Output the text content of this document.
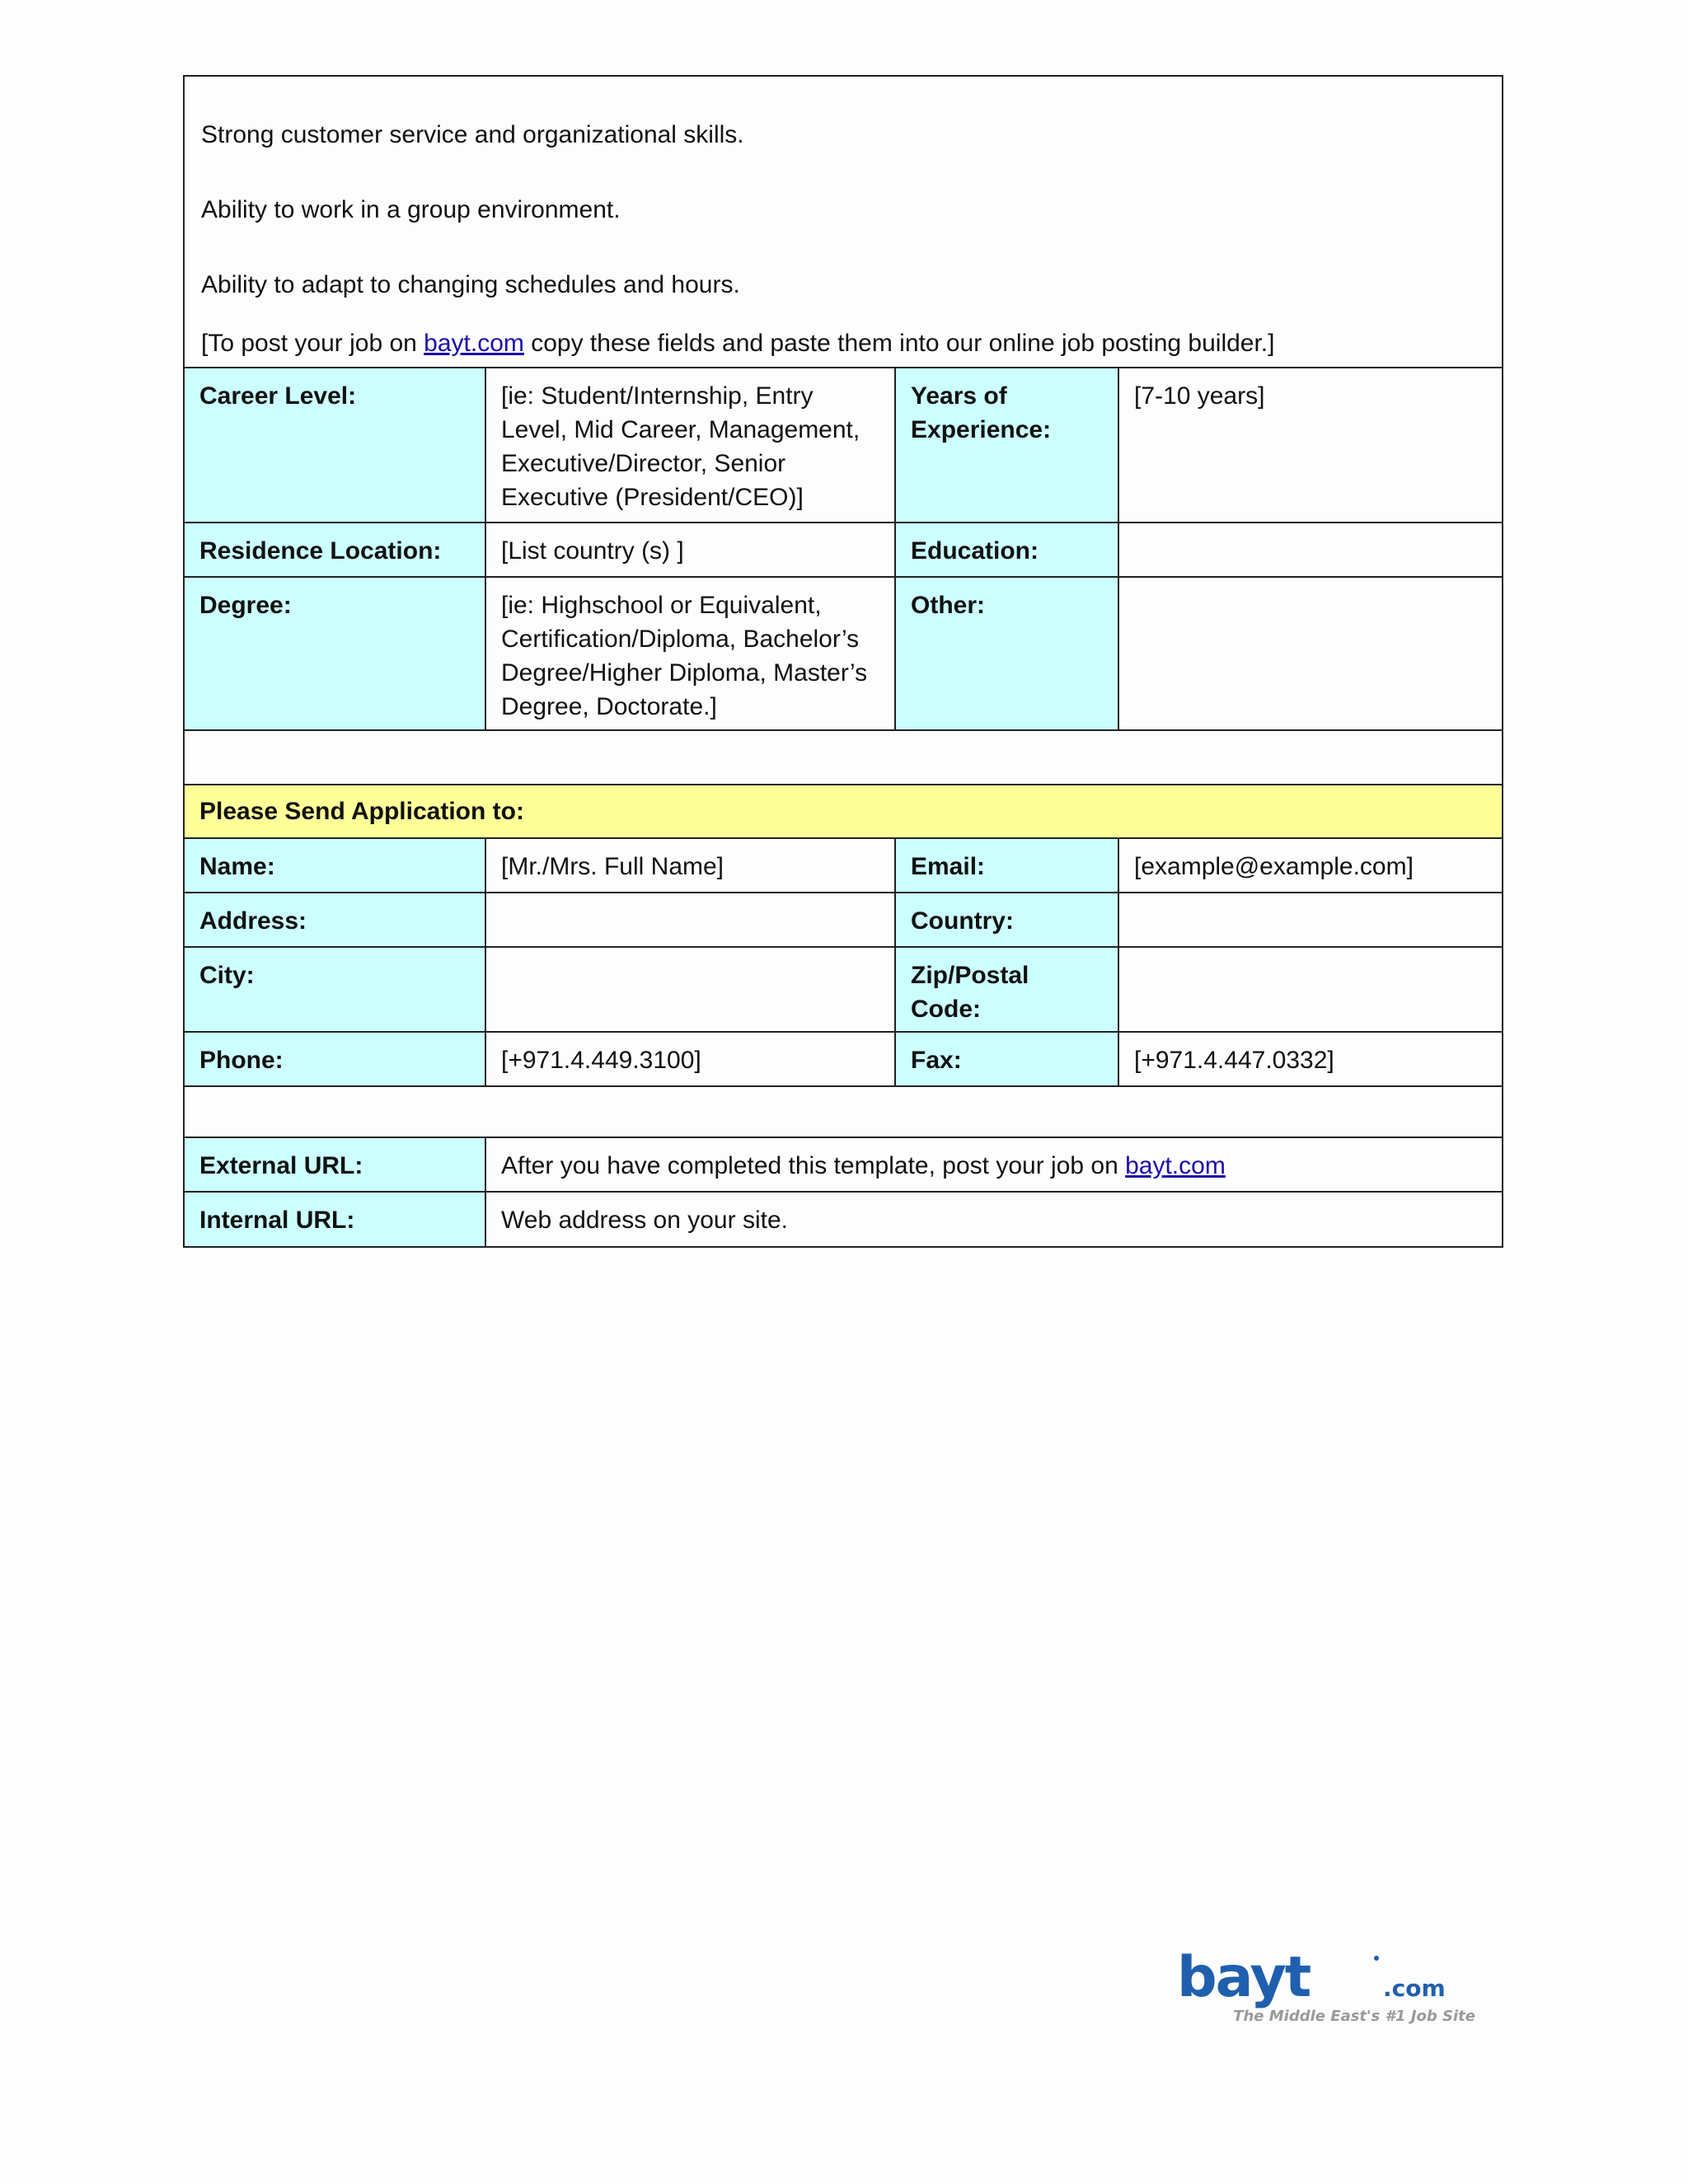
Strong customer service and organizational skills.

Ability to work in a group environment.

Ability to adapt to changing schedules and hours.

[To post your job on bayt.com copy these fields and paste them into our online job posting builder.]

Career Level:	[ie: Student/Internship, Entry Level, Mid Career, Management, Executive/Director, Senior Executive (President/CEO)]	Years of Experience:	[7-10 years]
Residence Location:	[List country (s) ]	Education:	
Degree:	[ie: Highschool or Equivalent, Certification/Diploma, Bachelor’s Degree/Higher Diploma, Master’s Degree, Doctorate.]	Other:	

Please Send Application to:			
Name:	[Mr./Mrs. Full Name]	Email:	[example@example.com]
Address:		Country:	
City:		Zip/Postal Code:	
Phone:	[+971.4.449.3100]	Fax:	[+971.4.447.0332]

External URL:	After you have completed this template, post your job on bayt.com		
Internal URL:	Web address on your site.		
bayt	.com
The Middle East's #1 Job Site
